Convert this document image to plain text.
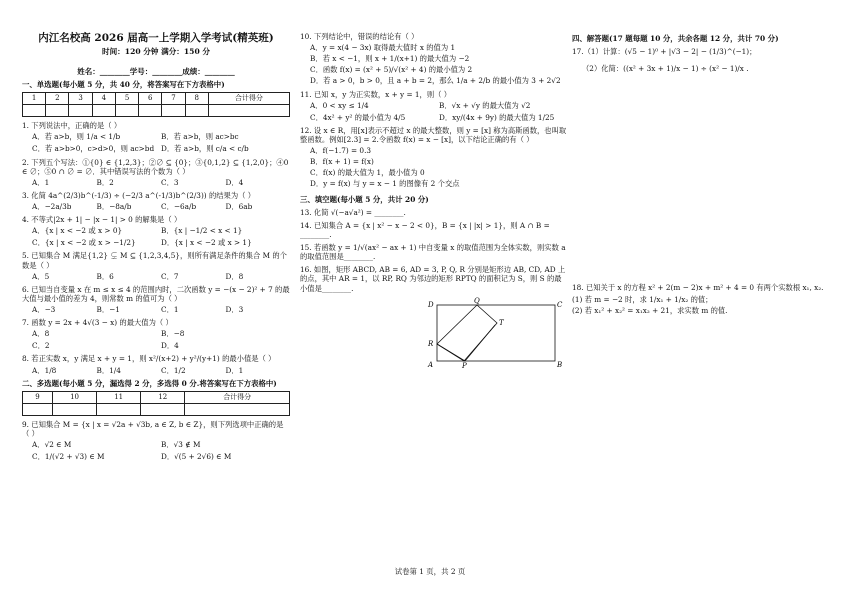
内江名校高 2026 届高一上学期入学考试(精英班)
时间：120 分钟 满分：150 分
姓名：________学号：________成绩：________
一、单选题(每小题 5 分，共 40 分，将答案写在下方表格中)
1	2	3	4	5	6	7	8	合计得分

1. 下列说法中，正确的是（ ）
A．若 a>b，则 1/a < 1/b	B．若 a>b，则 ac>bc
C．若 a>b>0，c>d>0，则 ac>bd D．若 a>b，则 c/a < c/b
2. 下列五个写法：①{0} ∈ {1,2,3}；②∅ ⊆ {0}；③{0,1,2} ⊆ {1,2,0}；④0 ∈ ∅；⑤0 ∩ ∅ = ∅．其中错误写法的个数为（ ）
A．1	B．2	C．3	D．4
3. 化简 4a^(2/3)b^(-1/3) ÷ (−2/3 a^(-1/3)b^(2/3)) 的结果为（ ）
A．−2a/3b	B．−8a/b	C．−6a/b	D．6ab
4. 不等式|2x + 1| − |x − 1| > 0 的解集是（ ）
A．{x | x < −2 或 x > 0}	B．{x | −1/2 < x < 1}
C．{x | x < −2 或 x > −1/2}	D．{x | x < −2 或 x > 1}
5. 已知集合 M 满足{1,2} ⊊ M ⊆ {1,2,3,4,5}，则所有满足条件的集合 M 的个数是（ ）
A．5	B．6	C．7	D．8
6. 已知当自变量 x 在 m ≤ x ≤ 4 的范围内时，二次函数 y = −(x − 2)² + 7 的最大值与最小值的差为 4，则常数 m 的值可为（ ）
A．−3	B．−1	C．1	D．3
7. 函数 y = 2x + 4√(3 − x) 的最大值为（ ）
A．8	B．−8
C．2	D．4
8. 若正实数 x，y 满足 x + y = 1，则 x²/(x+2) + y²/(y+1) 的最小值是（ ）
A．1/8	B．1/4	C．1/2	D．1
二、多选题(每小题 5 分，漏选得 2 分，多选得 0 分.将答案写在下方表格中)
9	10	11	12	合计得分

9. 已知集合 M = {x | x = √2a + √3b, a ∈ Z, b ∈ Z}，则下列选项中正确的是（ ）
A．√2 ∈ M	B．√3 ∉ M
C．1/(√2 + √3) ∈ M	D．√(5 + 2√6) ∈ M
10. 下列结论中，错误的结论有（ ）
A．y = x(4 − 3x) 取得最大值时 x 的值为 1
B．若 x < −1，则 x + 1/(x+1) 的最大值为 −2
C．函数 f(x) = (x² + 5)/√(x² + 4) 的最小值为 2
D．若 a > 0，b > 0，且 a + b = 2，那么 1/a + 2/b 的最小值为 3 + 2√2
11. 已知 x，y 为正实数，x + y = 1，则（ ）
A．0 < xy ≤ 1/4	B．√x + √y 的最大值为 √2
C．4x² + y² 的最小值为 4/5	D．xy/(4x + 9y) 的最大值为 1/25
12. 设 x ∈ R，用[x]表示不超过 x 的最大整数，则 y = [x] 称为高斯函数，也叫取整函数。例如[2.3] = 2.令函数 f(x) = x − [x]，以下结论正确的有（ ）
A．f(−1.7) = 0.3
B．f(x + 1) = f(x)
C．f(x) 的最大值为 1，最小值为 0
D．y = f(x) 与 y = x − 1 的图像有 2 个交点
三、填空题(每小题 5 分，共计 20 分)
13. 化简 √(−a√a²) = ________.
14. 已知集合 A = {x | x² − x − 2 < 0}，B = {x | |x| > 1}，则 A ∩ B = ________.
15. 若函数 y = 1/√(ax² − ax + 1) 中自变量 x 的取值范围为全体实数，则实数 a 的取值范围是________.
16. 如图，矩形 ABCD, AB = 6, AD = 3, P, Q, R 分别是矩形边 AB, CD, AD 上的点，其中 AR = 1，以 RP, RQ 为邻边的矩形 RPTQ 的面积记为 S，则 S 的最小值是________.
D	Q	C
T
R
A	P	B
四、解答题(17 题每题 10 分，共余各题 12 分，共计 70 分)
17.（1）计算：(√5 − 1)⁰ + |√3 − 2| − (1/3)^(−1)；
（2）化简：((x² + 3x + 1)/x − 1) ÷ (x² − 1)/x .
18. 已知关于 x 的方程 x² + 2(m − 2)x + m² + 4 = 0 有两个实数根 x₁, x₂.
(1) 若 m = −2 时，求 1/x₁ + 1/x₂ 的值；
(2) 若 x₁² + x₂² = x₁x₂ + 21，求实数 m 的值.
试卷第 1 页，共 2 页
